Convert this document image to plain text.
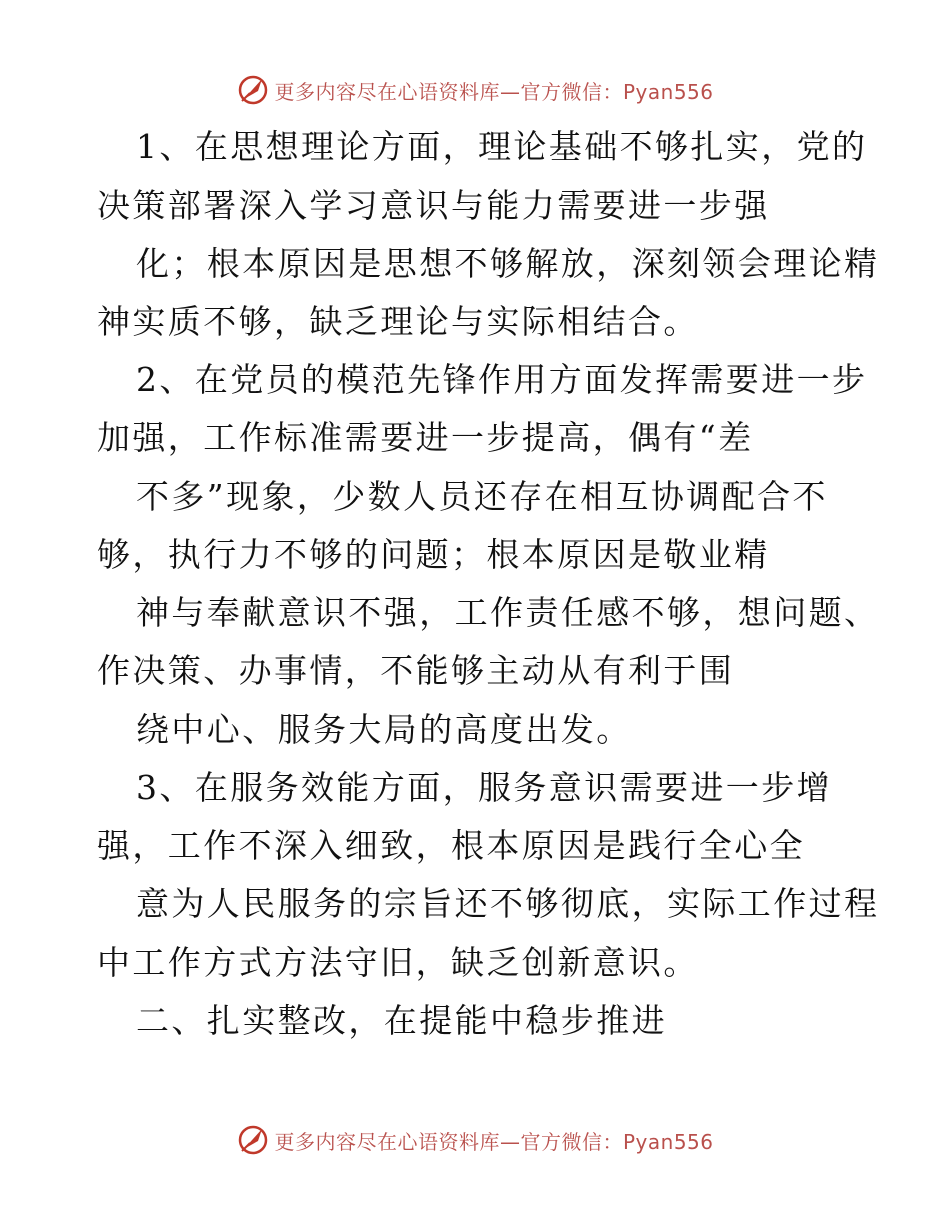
更多内容尽在心语资料库—官方微信：Pyan556
1、在思想理论方面，理论基础不够扎实，党的
决策部署深入学习意识与能力需要进一步强
化；根本原因是思想不够解放，深刻领会理论精
神实质不够，缺乏理论与实际相结合。
2、在党员的模范先锋作用方面发挥需要进一步
加强，工作标准需要进一步提高，偶有“差
不多”现象，少数人员还存在相互协调配合不
够，执行力不够的问题；根本原因是敬业精
神与奉献意识不强，工作责任感不够，想问题、
作决策、办事情，不能够主动从有利于围
绕中心、服务大局的高度出发。
3、在服务效能方面，服务意识需要进一步增
强，工作不深入细致，根本原因是践行全心全
意为人民服务的宗旨还不够彻底，实际工作过程
中工作方式方法守旧，缺乏创新意识。
二、扎实整改，在提能中稳步推进
更多内容尽在心语资料库—官方微信：Pyan556
